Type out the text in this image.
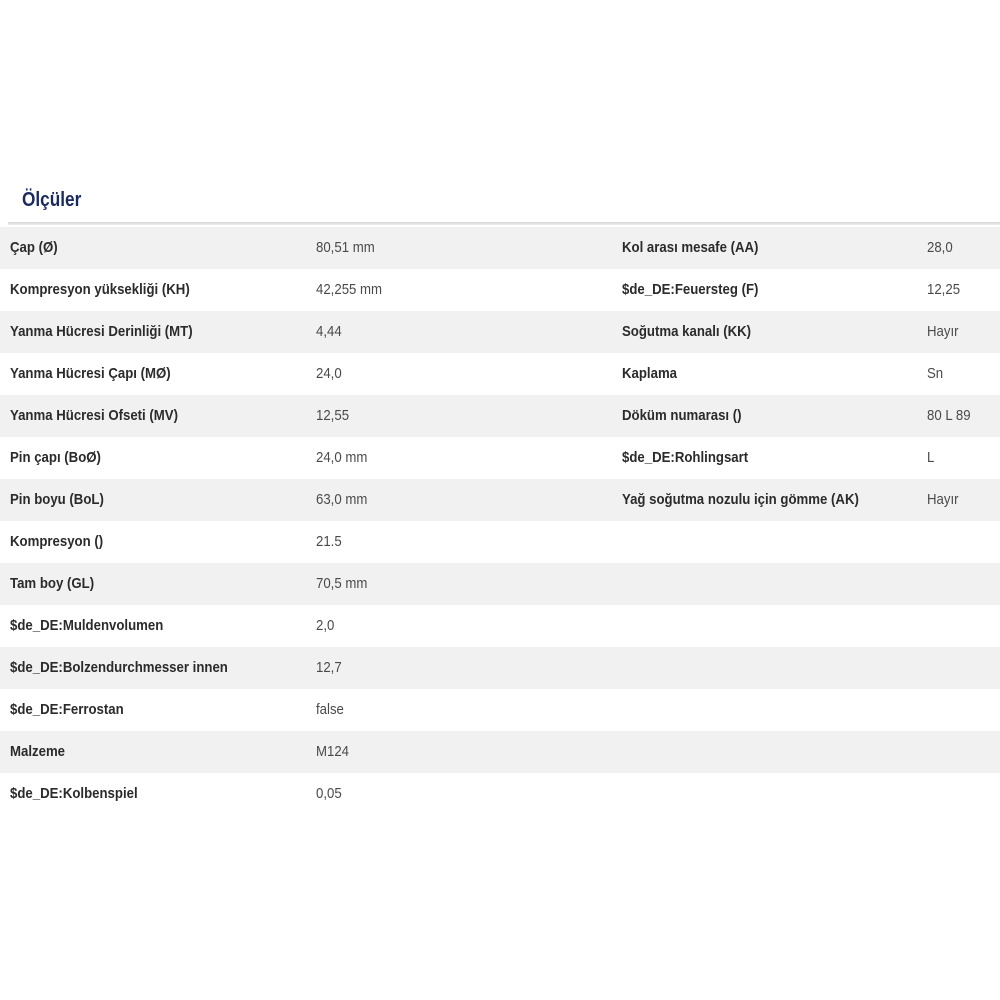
Ölçüler
Çap (Ø)	80,51 mm	Kol arası mesafe (AA)	28,0
Kompresyon yüksekliği (KH)	42,255 mm	$de_DE:Feuersteg (F)	12,25
Yanma Hücresi Derinliği (MT)	4,44	Soğutma kanalı (KK)	Hayır
Yanma Hücresi Çapı (MØ)	24,0	Kaplama	Sn
Yanma Hücresi Ofseti (MV)	12,55	Döküm numarası ()	80 L 89
Pin çapı (BoØ)	24,0 mm	$de_DE:Rohlingsart	L
Pin boyu (BoL)	63,0 mm	Yağ soğutma nozulu için gömme (AK)	Hayır
Kompresyon ()	21.5
Tam boy (GL)	70,5 mm
$de_DE:Muldenvolumen	2,0
$de_DE:Bolzendurchmesser innen	12,7
$de_DE:Ferrostan	false
Malzeme	M124
$de_DE:Kolbenspiel	0,05
